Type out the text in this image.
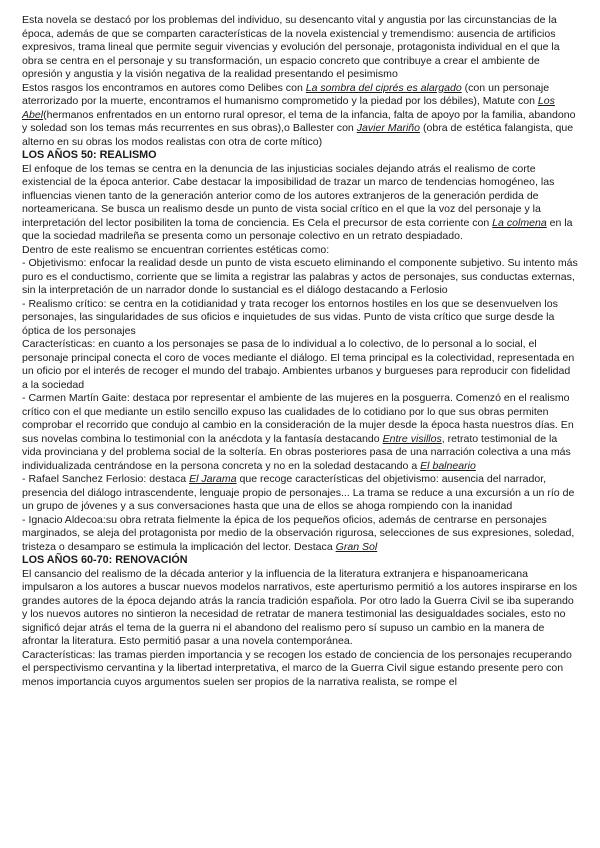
Esta novela se destacó por los problemas del individuo, su desencanto vital y angustia por las circunstancias de la época, además de que se comparten características de la novela existencial y tremendismo: ausencia de artificios expresivos, trama lineal que permite seguir vivencias y evolución del personaje, protagonista individual en el que la obra se centra en el personaje y su transformación, un espacio concreto que contribuye a crear el ambiente de opresión y angustia y la visión negativa de la realidad presentando el pesimismo

Estos rasgos los encontramos en autores como Delibes con La sombra del ciprés es alargado (con un personaje aterrorizado por la muerte, encontramos el humanismo comprometido y la piedad por los débiles), Matute con Los Abel(hermanos enfrentados en un entorno rural opresor, el tema de la infancia, falta de apoyo por la familia, abandono y soledad son los temas más recurrentes en sus obras),o Ballester con Javier Mariño (obra de estética falangista, que alterno en su obras los modos realistas con otra de corte mítico)

LOS AÑOS 50: REALISMO

El enfoque de los temas se centra en la denuncia de las injusticias sociales dejando atrás el realismo de corte existencial de la época anterior. Cabe destacar la imposibilidad de trazar un marco de tendencias homogéneo, las influencias vienen tanto de la generación anterior como de los autores extranjeros de la generación perdida de norteamericana. Se busca un realismo desde un punto de vista social crítico en el que la voz del personaje y la interpretación del lector posibiliten la toma de conciencia. Es Cela el precursor de esta corriente con La colmena en la que la sociedad madrileña se presenta como un personaje colectivo en un retrato despiadado.

Dentro de este realismo se encuentran corrientes estéticas como:

- Objetivismo: enfocar la realidad desde un punto de vista escueto eliminando el componente subjetivo. Su intento más puro es el conductismo, corriente que se limita a registrar las palabras y actos de personajes, sus conductas externas, sin la interpretación de un narrador donde lo sustancial es el diálogo destacando a Ferlosio

- Realismo crítico: se centra en la cotidianidad y trata recoger los entornos hostiles en los que se desenvuelven los personajes, las singularidades de sus oficios e inquietudes de sus vidas. Punto de vista crítico que surge desde la óptica de los personajes

Características: en cuanto a los personajes se pasa de lo individual a lo colectivo, de lo personal a lo social, el personaje principal conecta el coro de voces mediante el diálogo. El tema principal es la colectividad, representada en un oficio por el interés de recoger el mundo del trabajo. Ambientes urbanos y burgueses para reproducir con fidelidad a la sociedad

- Carmen Martín Gaite: destaca por representar el ambiente de las mujeres en la posguerra. Comenzó en el realismo crítico con el que mediante un estilo sencillo expuso las cualidades de lo cotidiano por lo que sus obras permiten comprobar el recorrido que condujo al cambio en la consideración de la mujer desde la época hasta nuestros días. En sus novelas combina lo testimonial con la anécdota y la fantasía destacando Entre visillos, retrato testimonial de la vida provinciana y del problema social de la soltería. En obras posteriores pasa de una narración colectiva a una más individualizada centrándose en la persona concreta y no en la soledad destacando a El balneario

- Rafael Sanchez Ferlosio: destaca El Jarama que recoge características del objetivismo: ausencia del narrador, presencia del diálogo intrascendente, lenguaje propio de personajes... La trama se reduce a una excursión a un río de un grupo de jóvenes y a sus conversaciones hasta que una de ellos se ahoga rompiendo con la inanidad

- Ignacio Aldecoa:su obra retrata fielmente la épica de los pequeños oficios, además de centrarse en personajes marginados, se aleja del protagonista por medio de la observación rigurosa, selecciones de sus expresiones, soledad, tristeza o desamparo se estimula la implicación del lector. Destaca Gran Sol

LOS AÑOS 60-70: RENOVACIÓN

El cansancio del realismo de la década anterior y la influencia de la literatura extranjera e hispanoamericana impulsaron a los autores a buscar nuevos modelos narrativos, este aperturismo permitió a los autores inspirarse en los grandes autores de la época dejando atrás la rancia tradición española. Por otro lado la Guerra Civil se iba superando y los nuevos autores no sintieron la necesidad de retratar de manera testimonial las desigualdades sociales, esto no significó dejar atrás el tema de la guerra ni el abandono del realismo pero sí supuso un cambio en la manera de afrontar la literatura. Esto permitió pasar a una novela contemporánea.

Características: las tramas pierden importancia y se recogen los estado de conciencia de los personajes recuperando el perspectivismo cervantina y la libertad interpretativa, el marco de la Guerra Civil sigue estando presente pero con menos importancia cuyos argumentos suelen ser propios de la narrativa realista, se rompe el
